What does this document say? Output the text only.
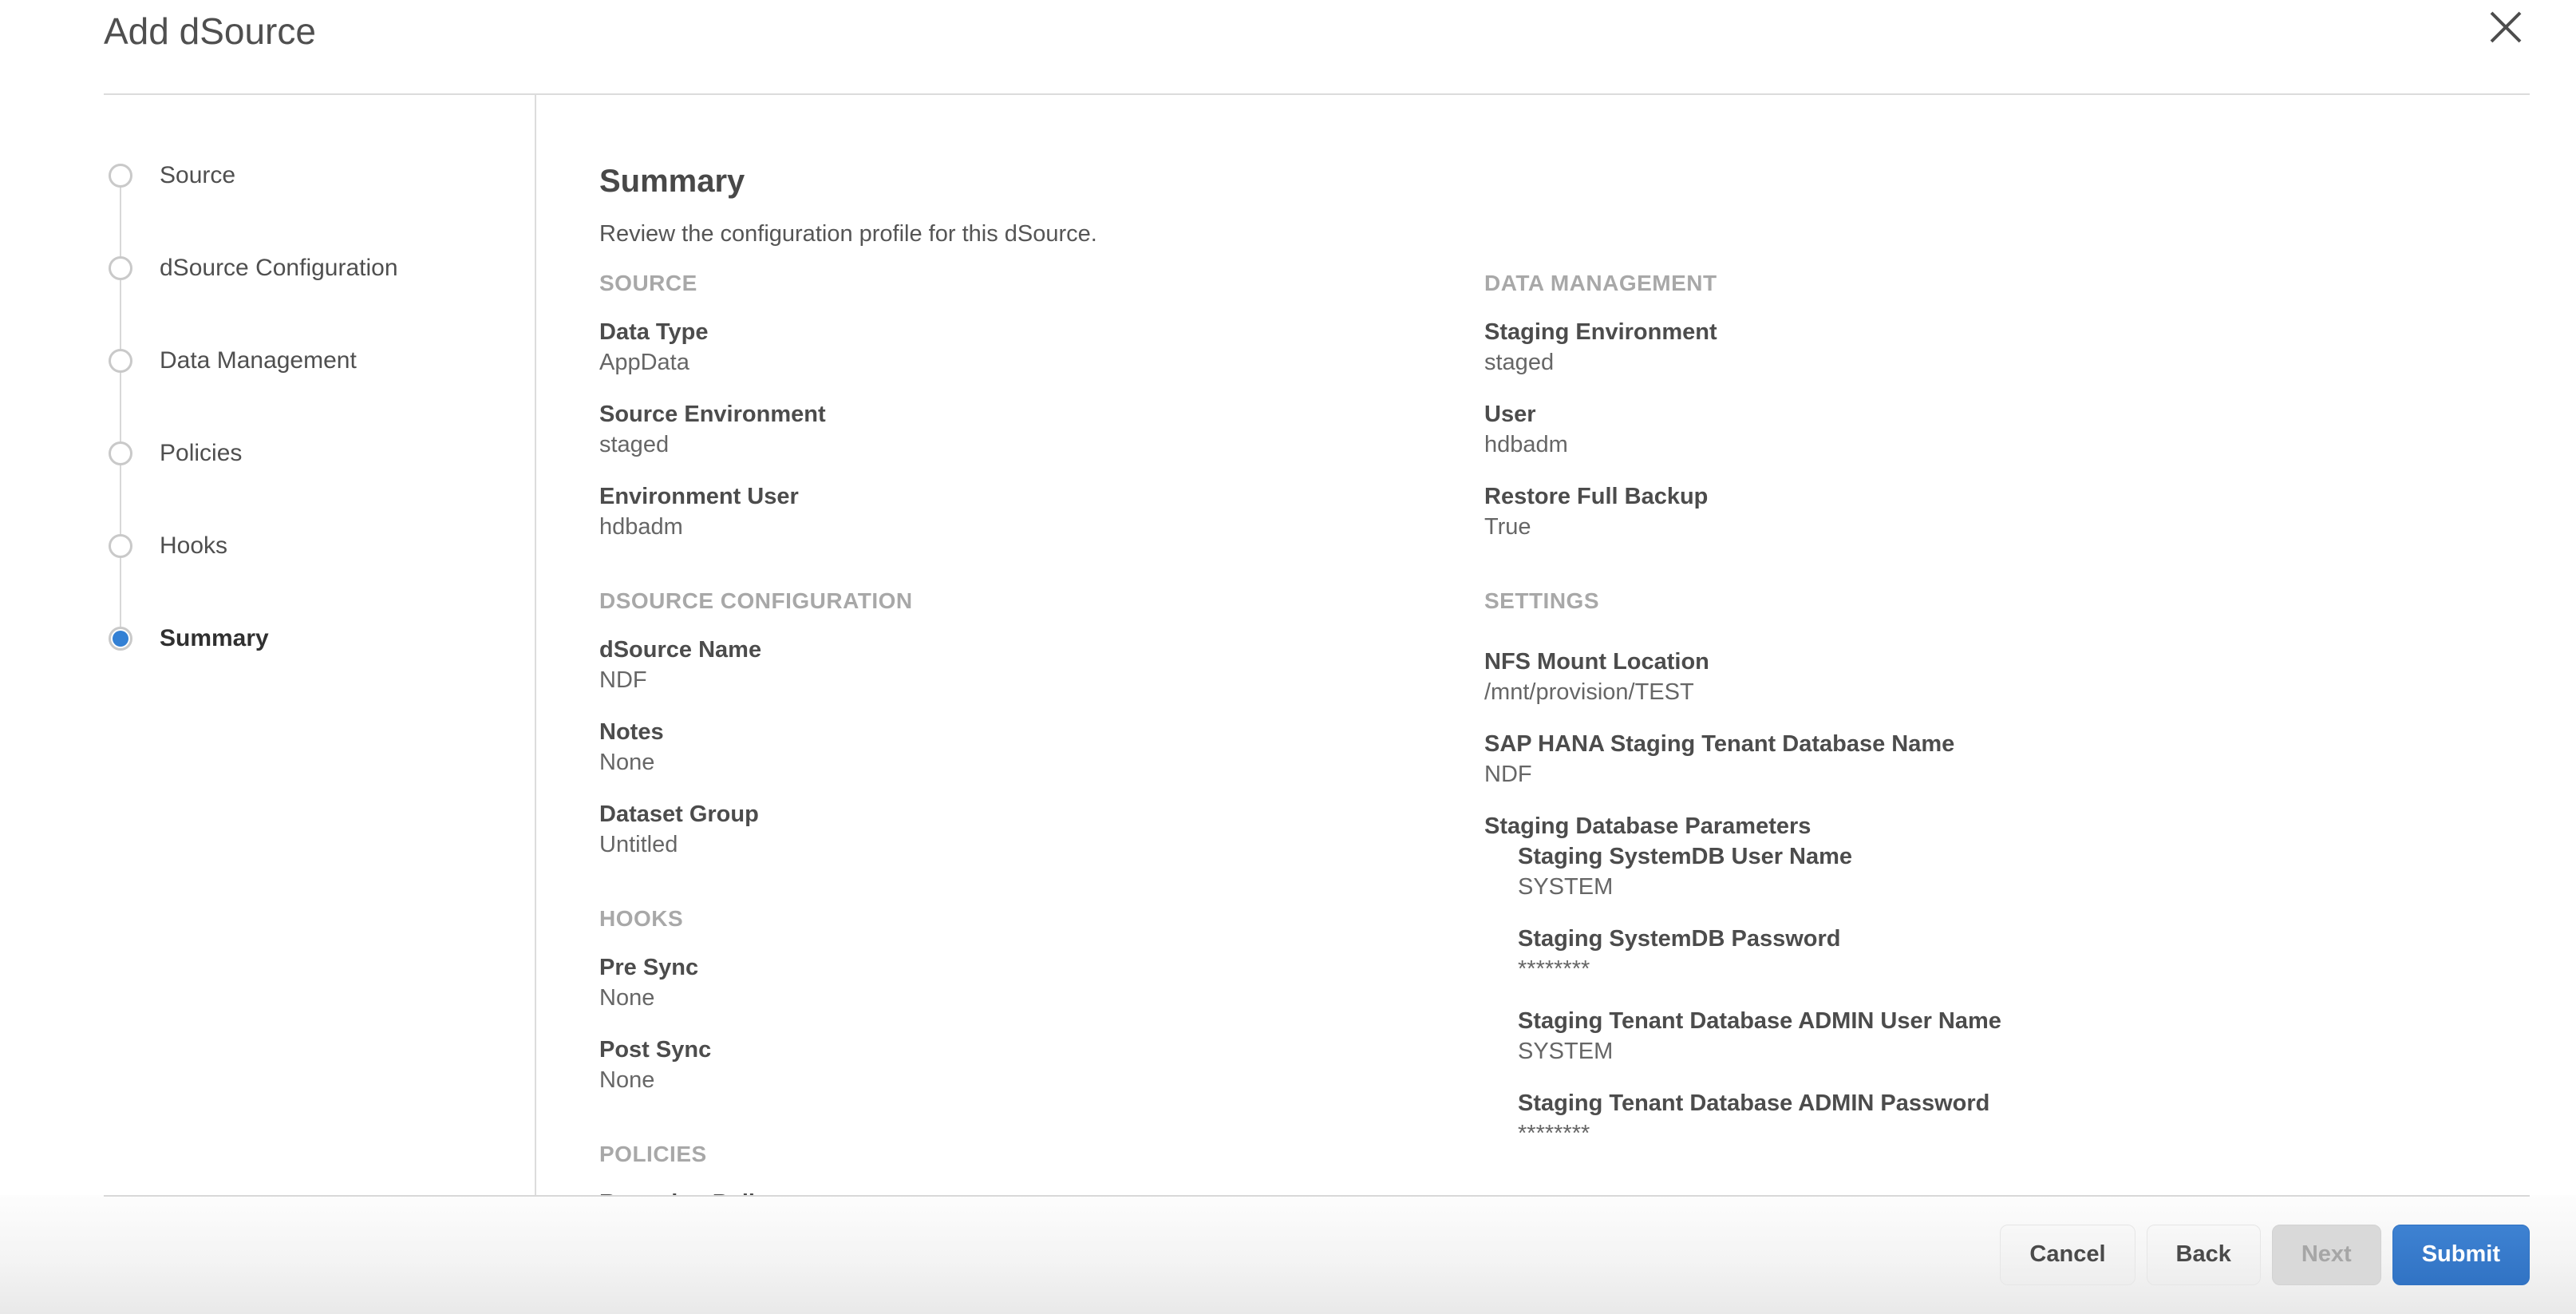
Add dSource
Source
dSource Configuration
Data Management
Policies
Hooks
Summary
Summary
Review the configuration profile for this dSource.
SOURCE
Data Type
AppData
Source Environment
staged
Environment User
hdbadm
DSOURCE CONFIGURATION
dSource Name
NDF
Notes
None
Dataset Group
Untitled
HOOKS
Pre Sync
None
Post Sync
None
POLICIES
DATA MANAGEMENT
Staging Environment
staged
User
hdbadm
Restore Full Backup
True
SETTINGS
NFS Mount Location
/mnt/provision/TEST
SAP HANA Staging Tenant Database Name
NDF
Staging Database Parameters
Staging SystemDB User Name
SYSTEM
Staging SystemDB Password
********
Staging Tenant Database ADMIN User Name
SYSTEM
Staging Tenant Database ADMIN Password
********
Cancel	Back	Next	Submit
